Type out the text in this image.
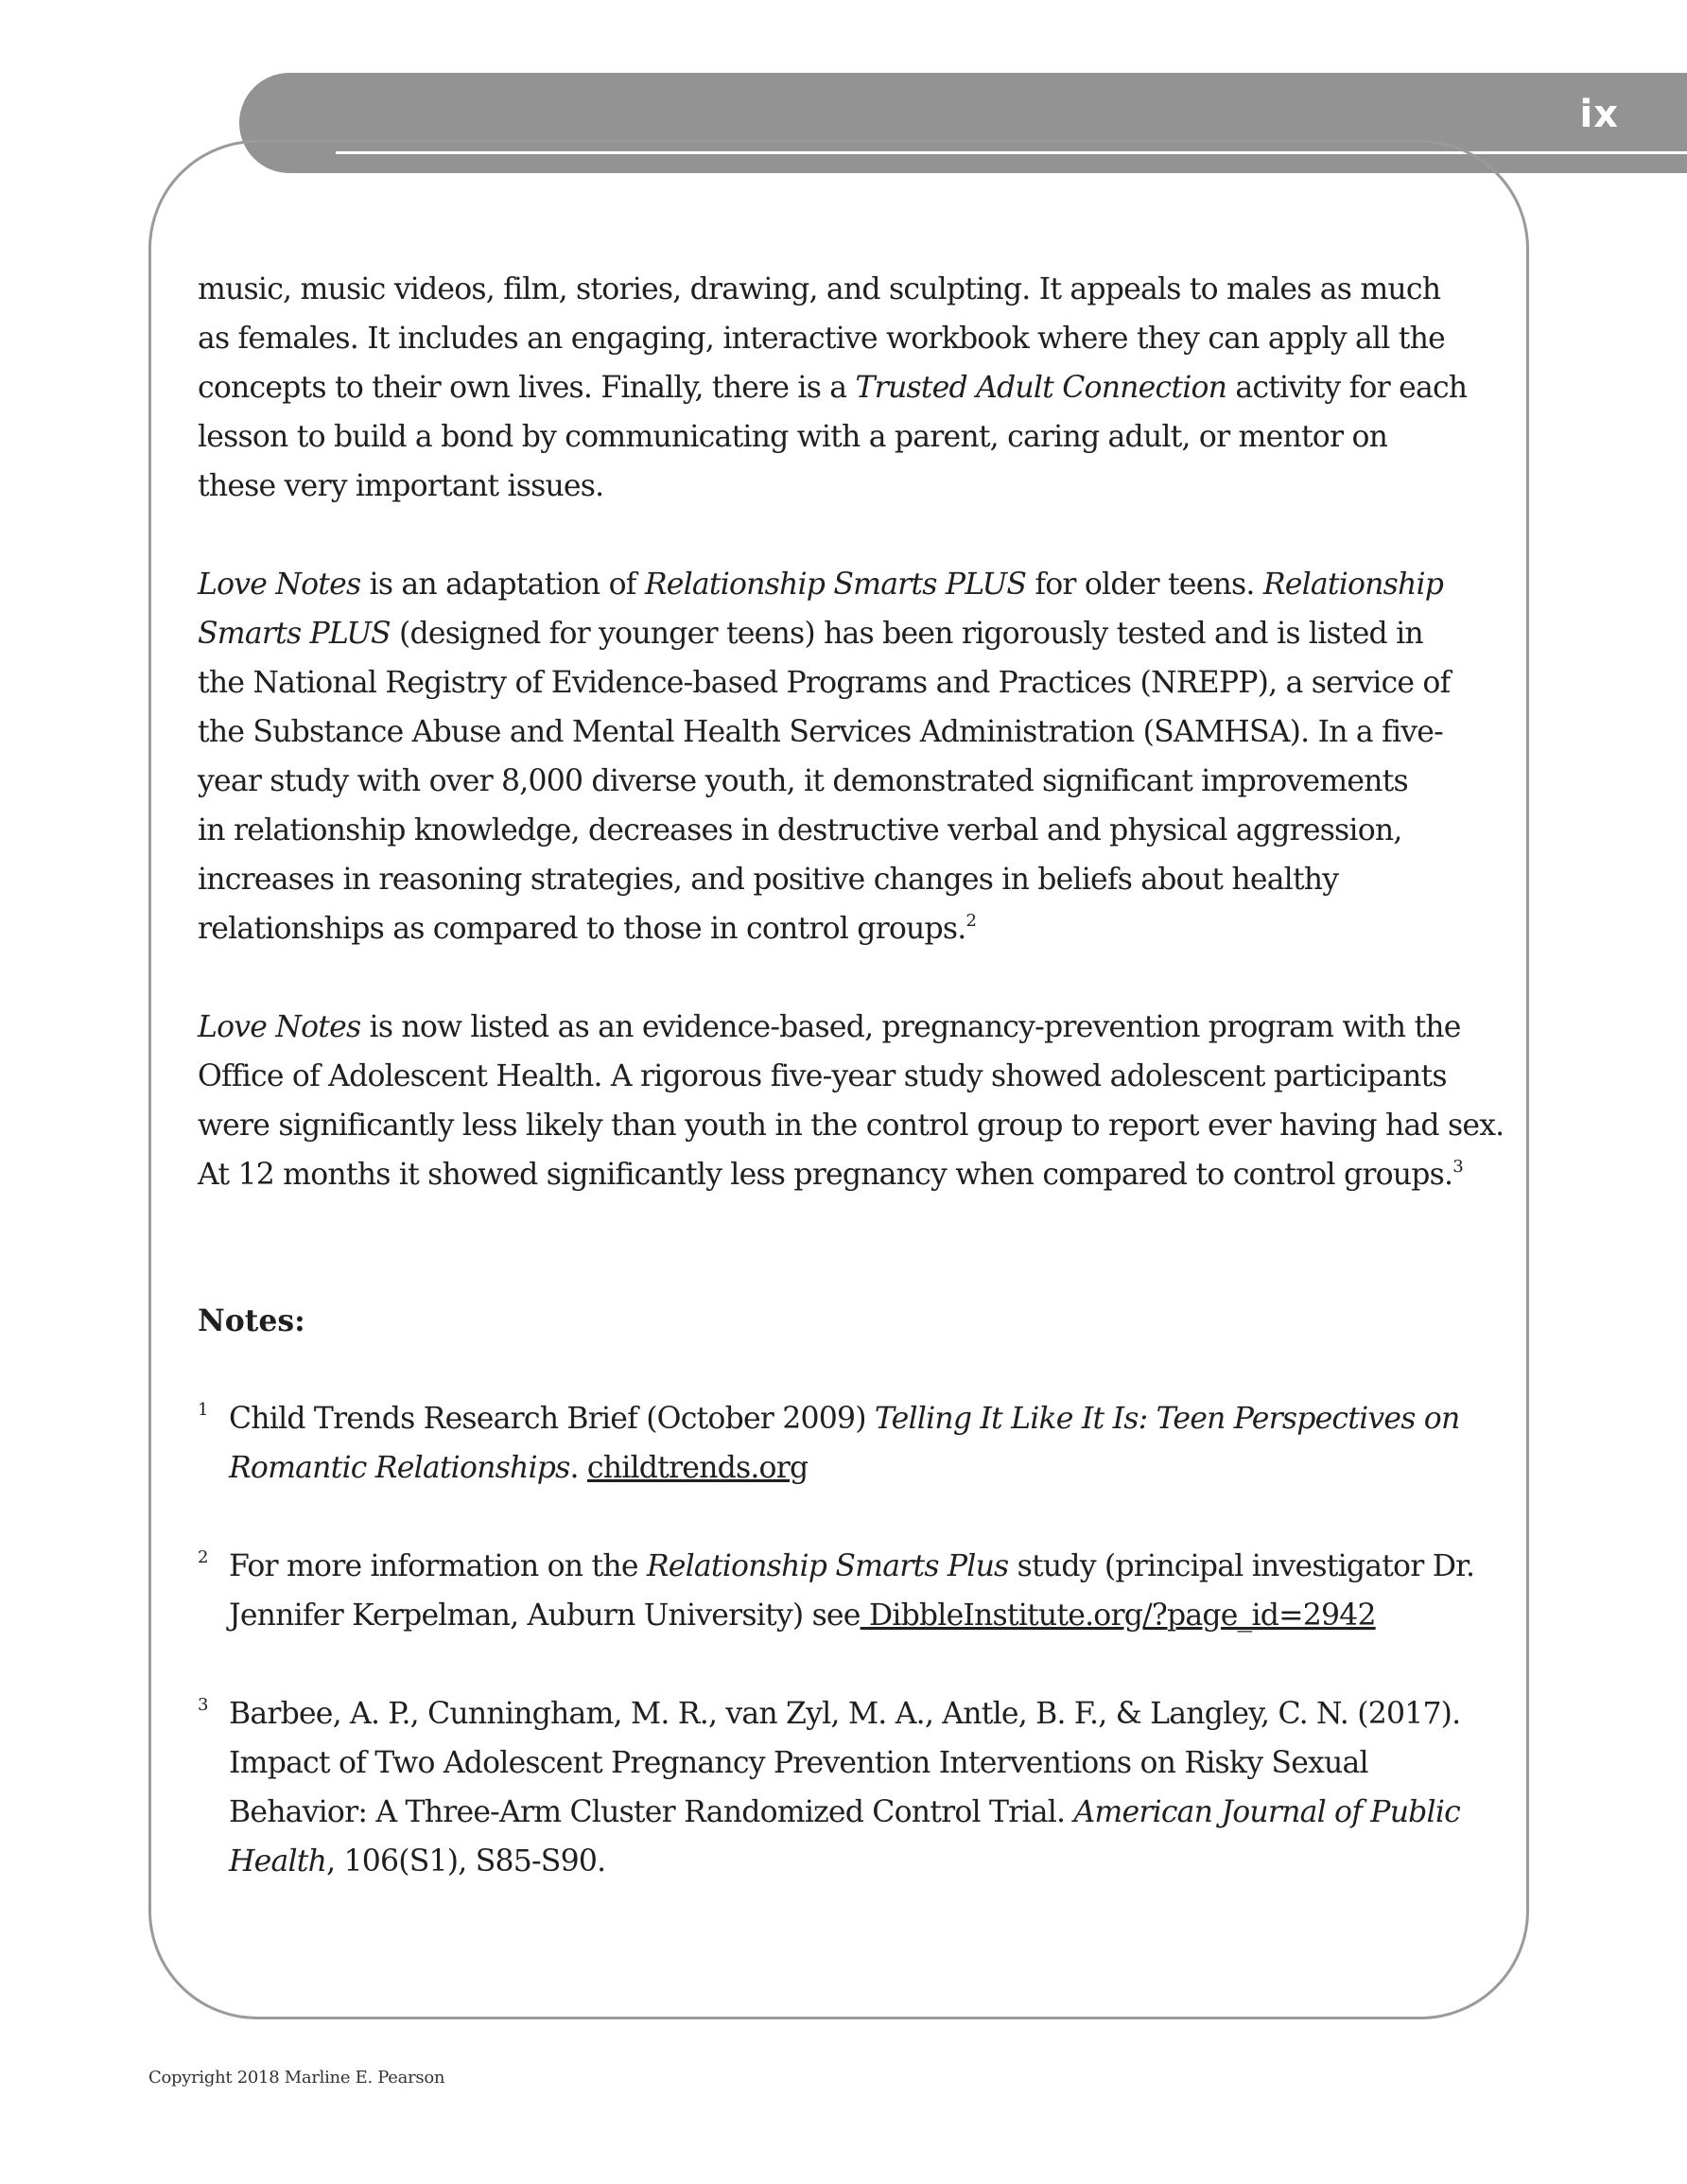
ix

music, music videos, film, stories, drawing, and sculpting. It appeals to males as much
as females. It includes an engaging, interactive workbook where they can apply all the
concepts to their own lives. Finally, there is a Trusted Adult Connection activity for each
lesson to build a bond by communicating with a parent, caring adult, or mentor on
these very important issues.

Love Notes is an adaptation of Relationship Smarts PLUS for older teens. Relationship
Smarts PLUS (designed for younger teens) has been rigorously tested and is listed in
the National Registry of Evidence-based Programs and Practices (NREPP), a service of
the Substance Abuse and Mental Health Services Administration (SAMHSA). In a five-
year study with over 8,000 diverse youth, it demonstrated significant improvements
in relationship knowledge, decreases in destructive verbal and physical aggression,
increases in reasoning strategies, and positive changes in beliefs about healthy
relationships as compared to those in control groups.$^2$

Love Notes is now listed as an evidence-based, pregnancy-prevention program with the
Office of Adolescent Health. A rigorous five-year study showed adolescent participants
were significantly less likely than youth in the control group to report ever having had sex.
At 12 months it showed significantly less pregnancy when compared to control groups.$^3$

Notes:
1 Child Trends Research Brief (October 2009) Telling It Like It Is: Teen Perspectives on
Romantic Relationships. childtrends.org
2 For more information on the Relationship Smarts Plus study (principal investigator Dr.
Jennifer Kerpelman, Auburn University) see DibbleInstitute.org/?page_id=2942
3 Barbee, A. P., Cunningham, M. R., van Zyl, M. A., Antle, B. F., & Langley, C. N. (2017).
Impact of Two Adolescent Pregnancy Prevention Interventions on Risky Sexual
Behavior: A Three-Arm Cluster Randomized Control Trial. American Journal of Public
Health, 106(S1), S85-S90.
Copyright 2018 Marline E. Pearson
